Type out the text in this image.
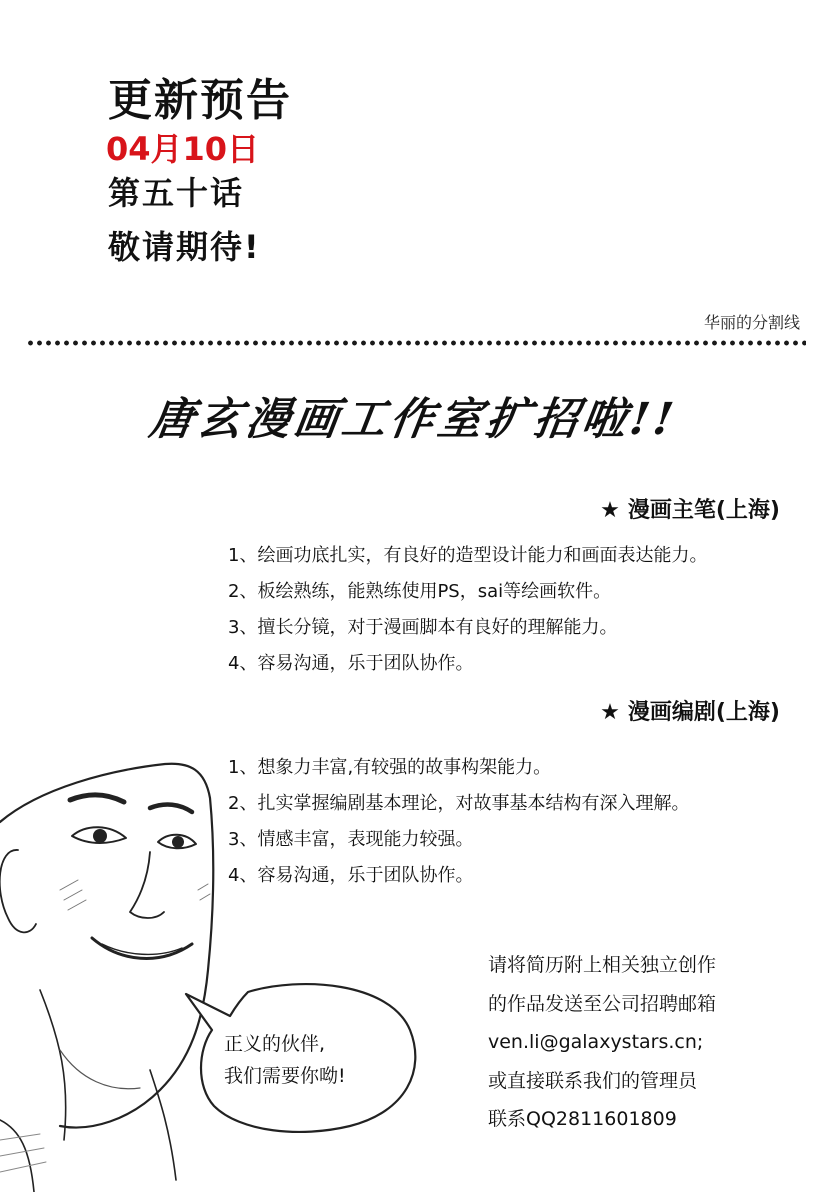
更新预告
04月10日
第五十话
敬请期待!
华丽的分割线
唐玄漫画工作室扩招啦!!
★ 漫画主笔(上海)
1、绘画功底扎实，有良好的造型设计能力和画面表达能力。
2、板绘熟练，能熟练使用PS，sai等绘画软件。
3、擅长分镜，对于漫画脚本有良好的理解能力。
4、容易沟通，乐于团队协作。
★ 漫画编剧(上海)
1、想象力丰富,有较强的故事构架能力。
2、扎实掌握编剧基本理论，对故事基本结构有深入理解。
3、情感丰富，表现能力较强。
4、容易沟通，乐于团队协作。
正义的伙伴,
我们需要你呦!
请将简历附上相关独立创作
的作品发送至公司招聘邮箱
ven.li@galaxystars.cn;
或直接联系我们的管理员
联系QQ2811601809
